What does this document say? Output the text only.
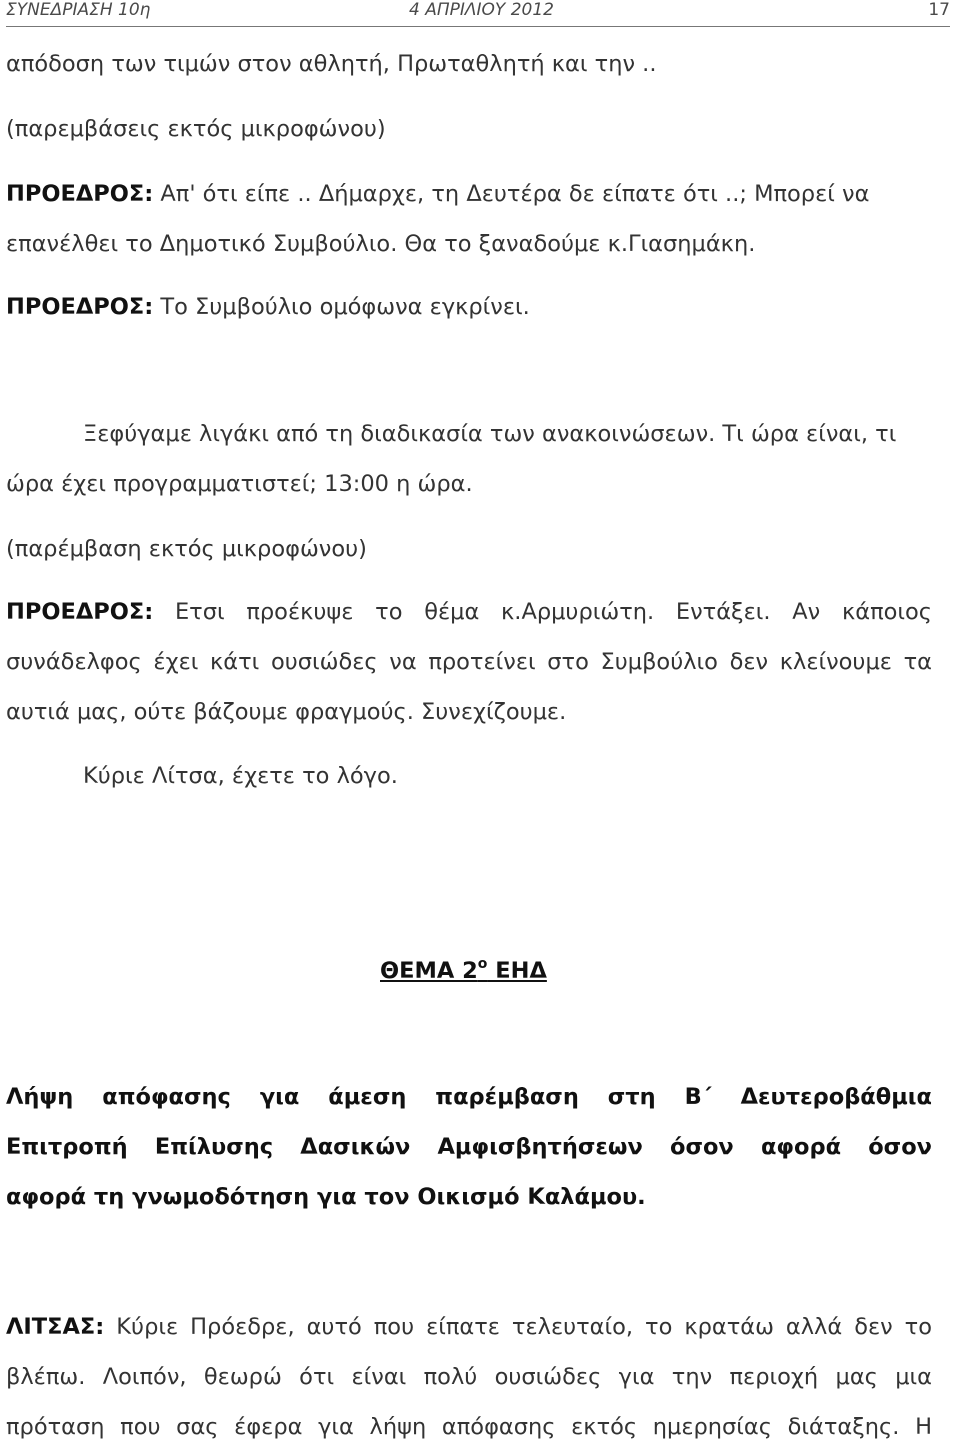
ΣΥΝΕΔΡΙΑΣΗ 10η	4 ΑΠΡΙΛΙΟΥ 2012	17
απόδοση των τιμών στον αθλητή, Πρωταθλητή και την ..
(παρεμβάσεις εκτός μικροφώνου)
ΠΡΟΕΔΡΟΣ: Απ' ότι είπε .. Δήμαρχε, τη Δευτέρα δε είπατε ότι ..; Μπορεί να
επανέλθει το Δημοτικό Συμβούλιο. Θα το ξαναδούμε κ.Γιασημάκη.
ΠΡΟΕΔΡΟΣ: Το Συμβούλιο ομόφωνα εγκρίνει.
Ξεφύγαμε λιγάκι από τη διαδικασία των ανακοινώσεων. Τι ώρα είναι, τι
ώρα έχει προγραμματιστεί; 13:00 η ώρα.
(παρέμβαση εκτός μικροφώνου)
ΠΡΟΕΔΡΟΣ: Ετσι προέκυψε το θέμα κ.Αρμυριώτη. Εντάξει. Αν κάποιος
συνάδελφος έχει κάτι ουσιώδες να προτείνει στο Συμβούλιο δεν κλείνουμε τα
αυτιά μας, ούτε βάζουμε φραγμούς. Συνεχίζουμε.
Κύριε Λίτσα, έχετε το λόγο.
ΘΕΜΑ $2^o$ ΕΗΔ
Λήψη απόφασης για άμεση παρέμβαση στη Β΄ Δευτεροβάθμια
Επιτροπή Επίλυσης Δασικών Αμφισβητήσεων όσον αφορά όσον
αφορά τη γνωμοδότηση για τον Οικισμό Καλάμου.
ΛΙΤΣΑΣ: Κύριε Πρόεδρε, αυτό που είπατε τελευταίο, το κρατάω αλλά δεν το
βλέπω. Λοιπόν, θεωρώ ότι είναι πολύ ουσιώδες για την περιοχή μας μια
πρόταση που σας έφερα για λήψη απόφασης εκτός ημερησίας διάταξης. Η
